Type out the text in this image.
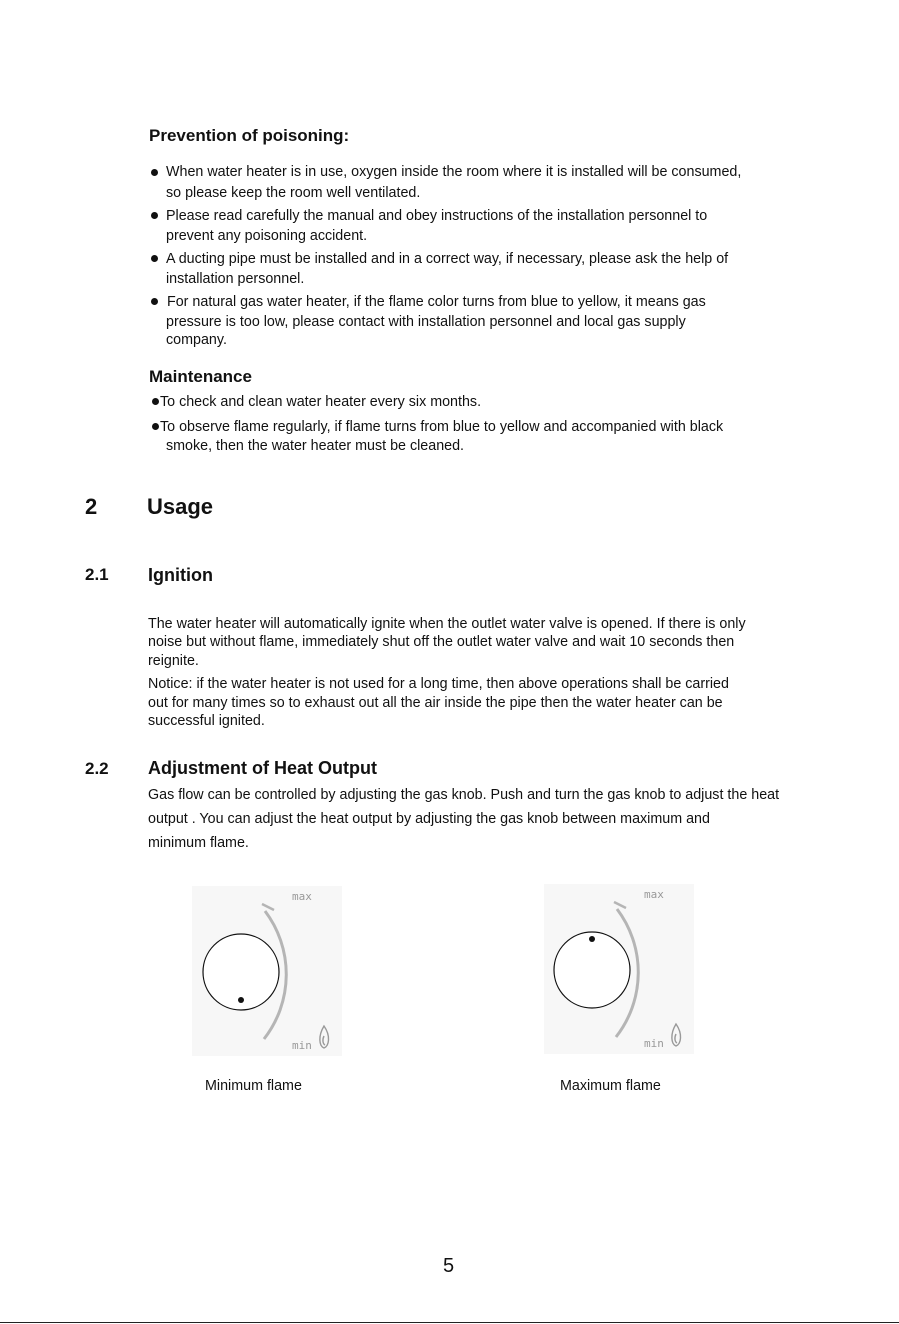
Prevention of poisoning:
When water heater is in use, oxygen inside the room where it is installed will be consumed,
so please keep the room well ventilated.
Please read carefully the manual and obey instructions of the installation personnel to
prevent any poisoning accident.
A ducting pipe must be installed and in a correct way, if necessary, please ask the help of
installation personnel.
For natural gas water heater, if the flame color turns from blue to yellow, it means gas
pressure is too low, please contact with installation personnel and local gas supply
company.
Maintenance
To check and clean water heater every six months.
To observe flame regularly, if flame turns from blue to yellow and accompanied with black
smoke, then the water heater must be cleaned.
2 Usage
2.1 Ignition
The water heater will automatically ignite when the outlet water valve is opened. If there is only
noise but without flame, immediately shut off the outlet water valve and wait 10 seconds then
reignite.
Notice: if the water heater is not used for a long time, then above operations shall be carried
out for many times so to exhaust out all the air inside the pipe then the water heater can be
successful ignited.
2.2 Adjustment of Heat Output
Gas flow can be controlled by adjusting the gas knob. Push and turn the gas knob to adjust the heat
output . You can adjust the heat output by adjusting the gas knob between maximum and
minimum flame.
max
min
Minimum flame
max
min
Maximum flame
5
